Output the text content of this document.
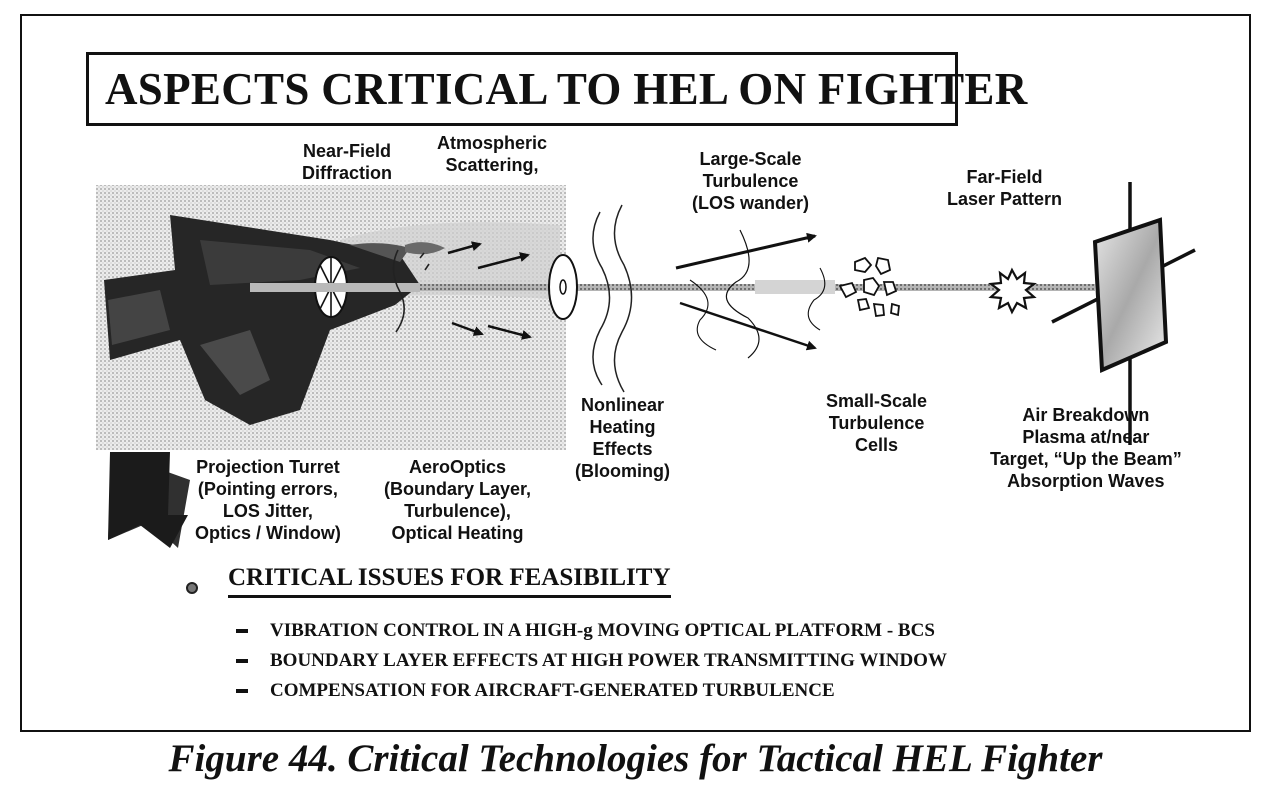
ASPECTS CRITICAL TO HEL ON FIGHTER
Near-Field
Diffraction
Atmospheric
Scattering,	Large-Scale
Turbulence
(LOS wander)
Far-Field
Laser Pattern
Nonlinear
Heating
Effects
(Blooming)
Small-Scale
Turbulence
Cells
Air Breakdown
Plasma at/near
Target, “Up the Beam”
Absorption Waves
Projection Turret
(Pointing errors,
LOS Jitter,
Optics / Window)
AeroOptics
(Boundary Layer,
Turbulence),
Optical Heating
CRITICAL ISSUES FOR FEASIBILITY
VIBRATION CONTROL IN A HIGH-g MOVING OPTICAL PLATFORM - BCS
BOUNDARY LAYER EFFECTS AT HIGH POWER TRANSMITTING WINDOW
COMPENSATION FOR AIRCRAFT-GENERATED TURBULENCE
Figure 44. Critical Technologies for Tactical HEL Fighter
